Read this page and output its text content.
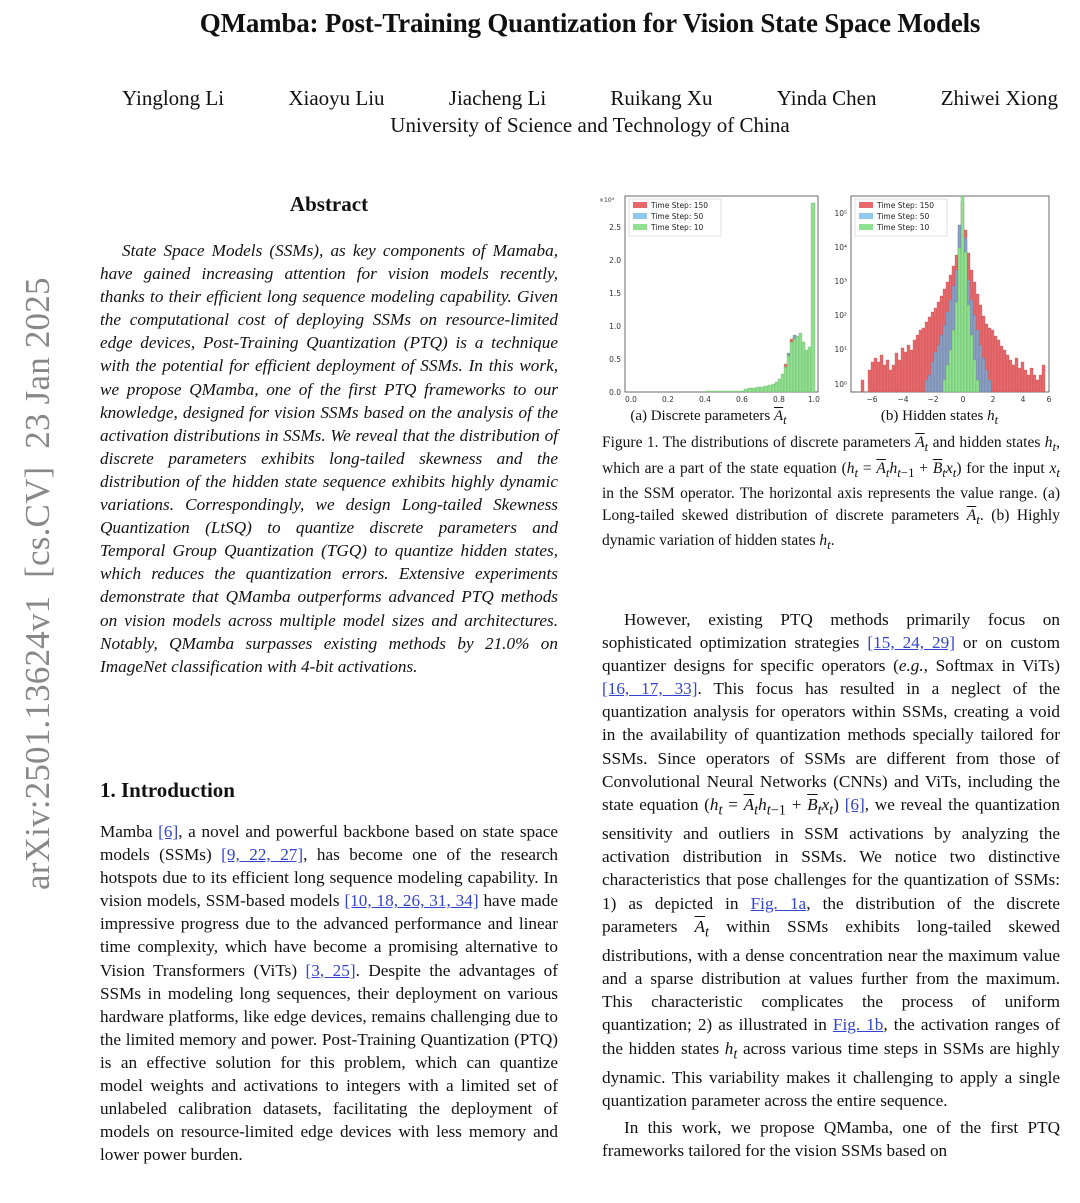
QMamba: Post-Training Quantization for Vision State Space Models
Yinglong Li	Xiaoyu Liu	Jiacheng Li	Ruikang Xu	Yinda Chen	Zhiwei Xiong
University of Science and Technology of China
arXiv:2501.13624v1  [cs.CV]  23 Jan 2025
Abstract

State Space Models (SSMs), as key components of Mamaba, have gained increasing attention for vision models recently, thanks to their efficient long sequence modeling capability. Given the computational cost of deploying SSMs on resource-limited edge devices, Post-Training Quantization (PTQ) is a technique with the potential for efficient deployment of SSMs. In this work, we propose QMamba, one of the first PTQ frameworks to our knowledge, designed for vision SSMs based on the analysis of the activation distributions in SSMs. We reveal that the distribution of discrete parameters exhibits long-tailed skewness and the distribution of the hidden state sequence exhibits highly dynamic variations. Correspondingly, we design Long-tailed Skewness Quantization (LtSQ) to quantize discrete parameters and Temporal Group Quantization (TGQ) to quantize hidden states, which reduces the quantization errors. Extensive experiments demonstrate that QMamba outperforms advanced PTQ methods on vision models across multiple model sizes and architectures. Notably, QMamba surpasses existing methods by 21.0% on ImageNet classification with 4-bit activations.

1. Introduction

Mamba [6], a novel and powerful backbone based on state space models (SSMs) [9, 22, 27], has become one of the research hotspots due to its efficient long sequence modeling capability. In vision models, SSM-based models [10, 18, 26, 31, 34] have made impressive progress due to the advanced performance and linear time complexity, which have become a promising alternative to Vision Transformers (ViTs) [3, 25]. Despite the advantages of SSMs in modeling long sequences, their deployment on various hardware platforms, like edge devices, remains challenging due to the limited memory and power. Post-Training Quantization (PTQ) is an effective solution for this problem, which can quantize model weights and activations to integers with a limited set of unlabeled calibration datasets, facilitating the deployment of models on resource-limited edge devices with less memory and lower power burden.

×10⁴
0.0
0.5
1.0
1.5
2.0
2.5
0.0	0.2	0.4	0.6	0.8	1.0
Time Step: 150
Time Step: 50
Time Step: 10
(a) Discrete parameters $\overline{A}_t$
10⁰
10¹
10²
10³
10⁴
10⁵
−6	−4	−2	0	2	4	6
Time Step: 150
Time Step: 50
Time Step: 10
(b) Hidden states $h_t$

Figure 1. The distributions of discrete parameters $\overline{A}_t$ and hidden states $h_t$, which are a part of the state equation $(h_t = \overline{A}_th_{t-1} + \overline{B}_tx_t)$ for the input $x_t$ in the SSM operator. The horizontal axis represents the value range. (a) Long-tailed skewed distribution of discrete parameters $\overline{A}_t$. (b) Highly dynamic variation of hidden states $h_t$.

However, existing PTQ methods primarily focus on sophisticated optimization strategies [15, 24, 29] or on custom quantizer designs for specific operators (e.g., Softmax in ViTs) [16, 17, 33]. This focus has resulted in a neglect of the quantization analysis for operators within SSMs, creating a void in the availability of quantization methods specially tailored for SSMs. Since operators of SSMs are different from those of Convolutional Neural Networks (CNNs) and ViTs, including the state equation $(h_t = \overline{A}_th_{t-1} + \overline{B}_tx_t)$ [6], we reveal the quantization sensitivity and outliers in SSM activations by analyzing the activation distribution in SSMs. We notice two distinctive characteristics that pose challenges for the quantization of SSMs: 1) as depicted in Fig. 1a, the distribution of the discrete parameters $\overline{A}_t$ within SSMs exhibits long-tailed skewed distributions, with a dense concentration near the maximum value and a sparse distribution at values further from the maximum. This characteristic complicates the process of uniform quantization; 2) as illustrated in Fig. 1b, the activation ranges of the hidden states $h_t$ across various time steps in SSMs are highly dynamic. This variability makes it challenging to apply a single quantization parameter across the entire sequence.

In this work, we propose QMamba, one of the first PTQ frameworks tailored for the vision SSMs based on
